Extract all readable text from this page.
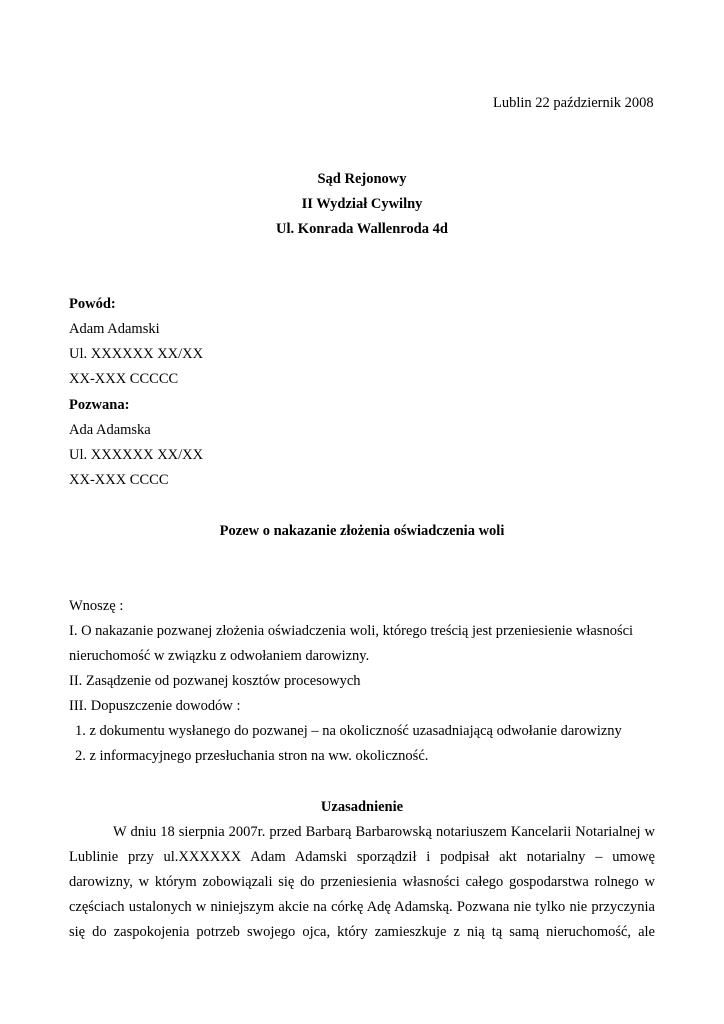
Lublin 22 październik 2008
Sąd Rejonowy
II Wydział Cywilny
Ul. Konrada Wallenroda 4d
Powód:
Adam Adamski
Ul. XXXXXX XX/XX
XX-XXX CCCCC
Pozwana:
Ada Adamska
Ul. XXXXXX XX/XX
XX-XXX CCCC
Pozew o nakazanie złożenia oświadczenia woli
Wnoszę :
I. O nakazanie pozwanej złożenia oświadczenia woli, którego treścią jest przeniesienie własności
nieruchomość w związku z odwołaniem darowizny.
II. Zasądzenie od pozwanej kosztów procesowych
III. Dopuszczenie dowodów :
1. z dokumentu wysłanego do pozwanej – na okoliczność uzasadniającą odwołanie darowizny
2. z informacyjnego przesłuchania stron na ww. okoliczność.
Uzasadnienie
W dniu 18 sierpnia 2007r. przed Barbarą Barbarowską notariuszem Kancelarii Notarialnej w
Lublinie przy ul.XXXXXX Adam Adamski sporządził i podpisał akt notarialny – umowę
darowizny, w którym zobowiązali się do przeniesienia własności całego gospodarstwa rolnego w
częściach ustalonych w niniejszym akcie na córkę Adę Adamską. Pozwana nie tylko nie przyczynia
się do zaspokojenia potrzeb swojego ojca, który zamieszkuje z nią tą samą nieruchomość, ale
